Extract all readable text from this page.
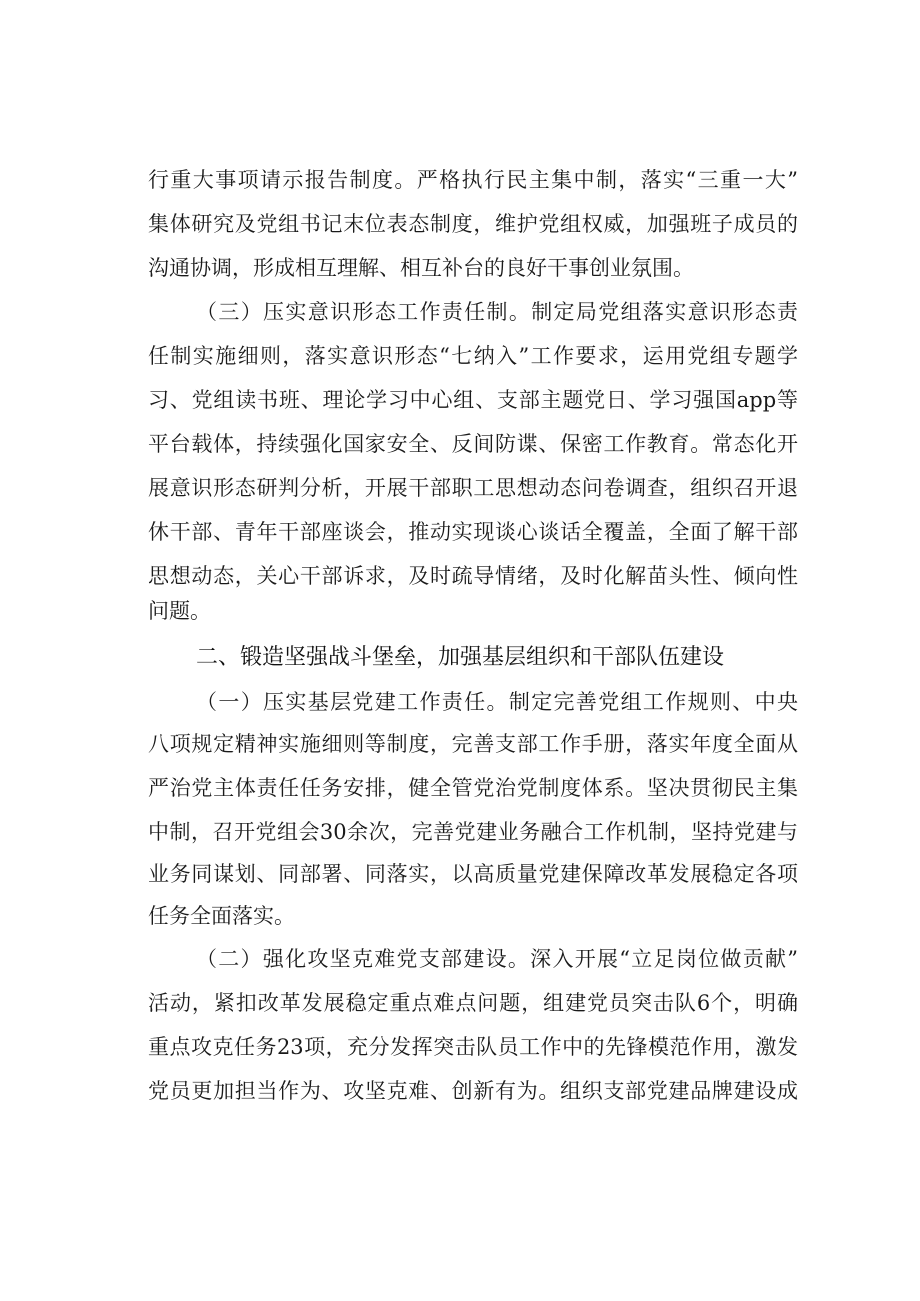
行重大事项请示报告制度。严格执行民主集中制，落实“三重一大”
集体研究及党组书记末位表态制度，维护党组权威，加强班子成员的
沟通协调，形成相互理解、相互补台的良好干事创业氛围。
（三）压实意识形态工作责任制。制定局党组落实意识形态责
任制实施细则，落实意识形态“七纳入”工作要求，运用党组专题学
习、党组读书班、理论学习中心组、支部主题党日、学习强国app等
平台载体，持续强化国家安全、反间防谍、保密工作教育。常态化开
展意识形态研判分析，开展干部职工思想动态问卷调查，组织召开退
休干部、青年干部座谈会，推动实现谈心谈话全覆盖，全面了解干部
思想动态，关心干部诉求，及时疏导情绪，及时化解苗头性、倾向性
问题。
二、锻造坚强战斗堡垒，加强基层组织和干部队伍建设
（一）压实基层党建工作责任。制定完善党组工作规则、中央
八项规定精神实施细则等制度，完善支部工作手册，落实年度全面从
严治党主体责任任务安排，健全管党治党制度体系。坚决贯彻民主集
中制，召开党组会30余次，完善党建业务融合工作机制，坚持党建与
业务同谋划、同部署、同落实，以高质量党建保障改革发展稳定各项
任务全面落实。
（二）强化攻坚克难党支部建设。深入开展“立足岗位做贡献”
活动，紧扣改革发展稳定重点难点问题，组建党员突击队6个，明确
重点攻克任务23项，充分发挥突击队员工作中的先锋模范作用，激发
党员更加担当作为、攻坚克难、创新有为。组织支部党建品牌建设成
